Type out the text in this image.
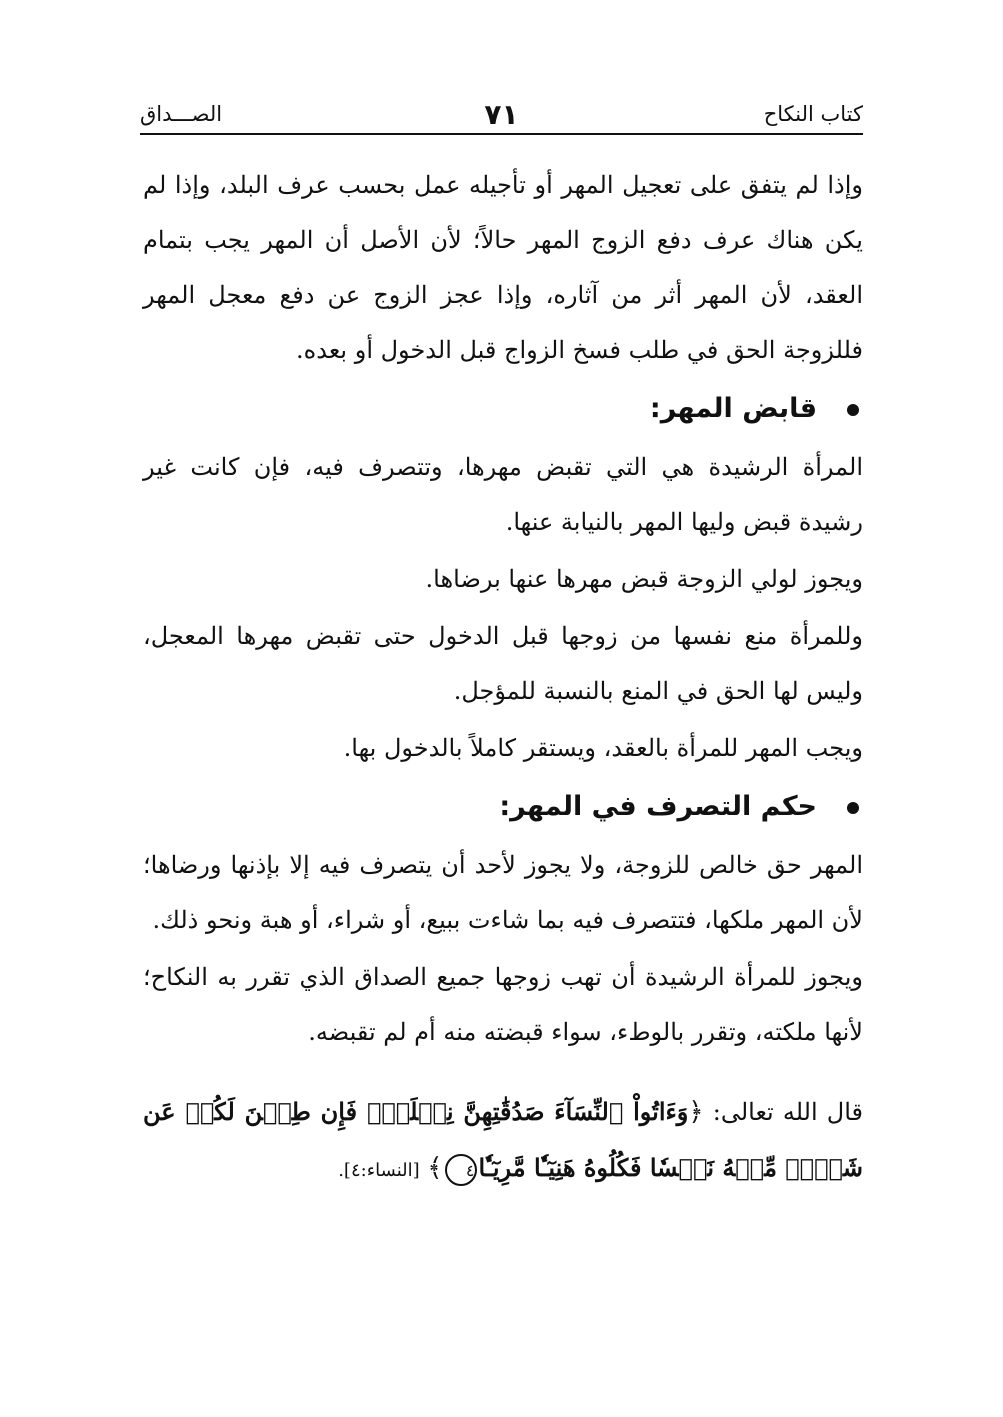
كتاب النكاح
٧١
الصـــداق

وإذا لم يتفق على تعجيل المهر أو تأجيله عمل بحسب عرف البلد، وإذا لم يكن هناك عرف دفع الزوج المهر حالاً؛ لأن الأصل أن المهر يجب بتمام العقد، لأن المهر أثر من آثاره، وإذا عجز الزوج عن دفع معجل المهر فللزوجة الحق في طلب فسخ الزواج قبل الدخول أو بعده.

قابض المهر:

المرأة الرشيدة هي التي تقبض مهرها، وتتصرف فيه، فإن كانت غير رشيدة قبض وليها المهر بالنيابة عنها.

ويجوز لولي الزوجة قبض مهرها عنها برضاها.

وللمرأة منع نفسها من زوجها قبل الدخول حتى تقبض مهرها المعجل، وليس لها الحق في المنع بالنسبة للمؤجل.

ويجب المهر للمرأة بالعقد، ويستقر كاملاً بالدخول بها.

حكم التصرف في المهر:

المهر حق خالص للزوجة، ولا يجوز لأحد أن يتصرف فيه إلا بإذنها ورضاها؛ لأن المهر ملكها، فتتصرف فيه بما شاءت ببيع، أو شراء، أو هبة ونحو ذلك.

ويجوز للمرأة الرشيدة أن تهب زوجها جميع الصداق الذي تقرر به النكاح؛ لأنها ملكته، وتقرر بالوطء، سواء قبضته منه أم لم تقبضه.

قال الله تعالى: ﴿وَءَاتُواْ ٱلنِّسَآءَ صَدُقَٰتِهِنَّ نِحۡلَةٗۚ فَإِن طِبۡنَ لَكُمۡ عَن شَيۡءٖ مِّنۡهُ نَفۡسٗا فَكُلُوهُ هَنِيٓـٔٗا مَّرِيٓـٔٗا٤﴾ [النساء:٤].
